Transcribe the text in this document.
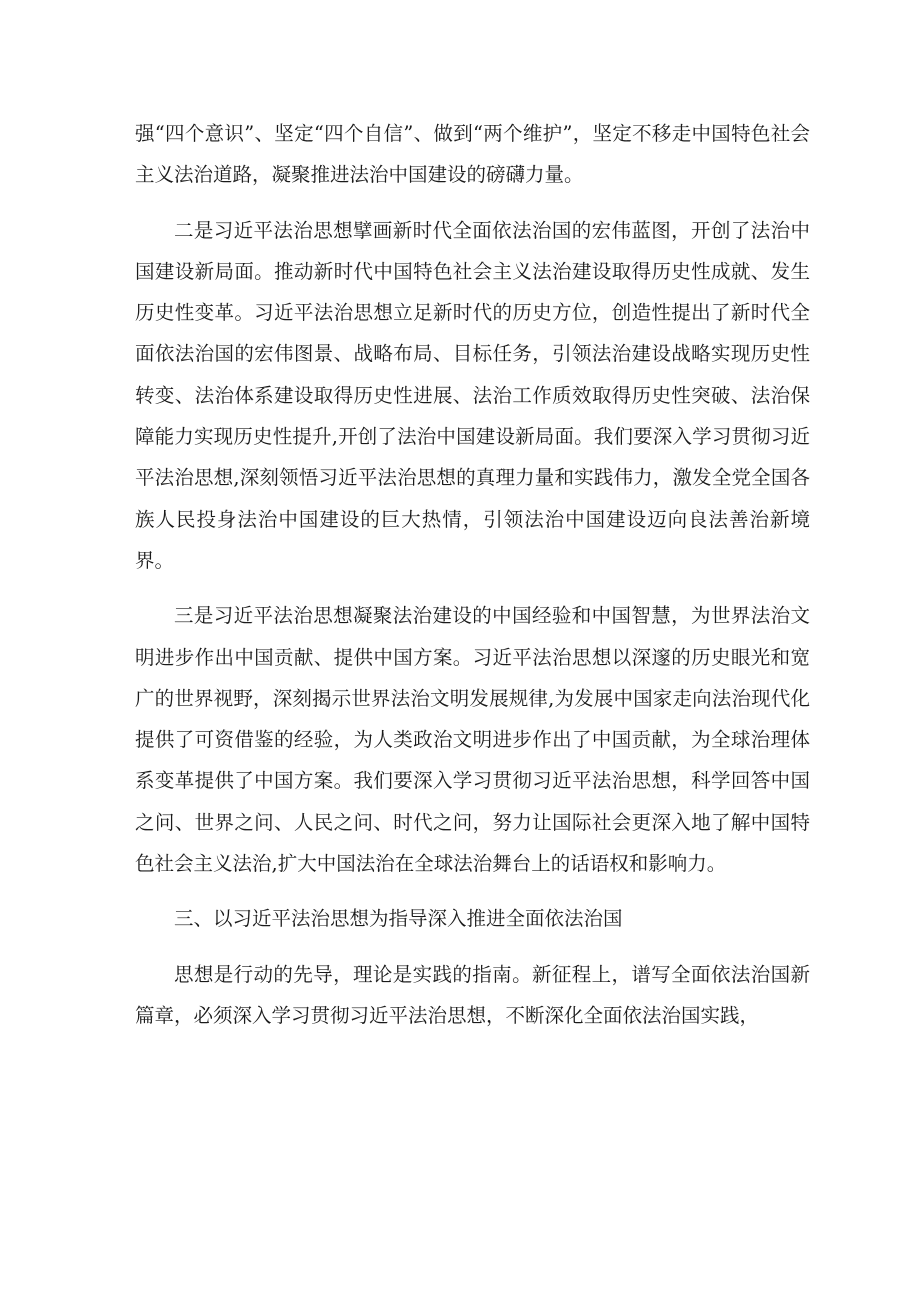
强“四个意识”、坚定“四个自信”、做到“两个维护”，坚定不移走中国特色社会主义法治道路，凝聚推进法治中国建设的磅礴力量。

二是习近平法治思想擘画新时代全面依法治国的宏伟蓝图，开创了法治中国建设新局面。推动新时代中国特色社会主义法治建设取得历史性成就、发生历史性变革。习近平法治思想立足新时代的历史方位，创造性提出了新时代全面依法治国的宏伟图景、战略布局、目标任务，引领法治建设战略实现历史性转变、法治体系建设取得历史性进展、法治工作质效取得历史性突破、法治保障能力实现历史性提升,开创了法治中国建设新局面。我们要深入学习贯彻习近平法治思想,深刻领悟习近平法治思想的真理力量和实践伟力，激发全党全国各族人民投身法治中国建设的巨大热情，引领法治中国建设迈向良法善治新境界。

三是习近平法治思想凝聚法治建设的中国经验和中国智慧，为世界法治文明进步作出中国贡献、提供中国方案。习近平法治思想以深邃的历史眼光和宽广的世界视野，深刻揭示世界法治文明发展规律,为发展中国家走向法治现代化提供了可资借鉴的经验，为人类政治文明进步作出了中国贡献，为全球治理体系变革提供了中国方案。我们要深入学习贯彻习近平法治思想，科学回答中国之问、世界之问、人民之问、时代之问，努力让国际社会更深入地了解中国特色社会主义法治,扩大中国法治在全球法治舞台上的话语权和影响力。

三、以习近平法治思想为指导深入推进全面依法治国

思想是行动的先导，理论是实践的指南。新征程上，谱写全面依法治国新篇章，必须深入学习贯彻习近平法治思想，不断深化全面依法治国实践，
